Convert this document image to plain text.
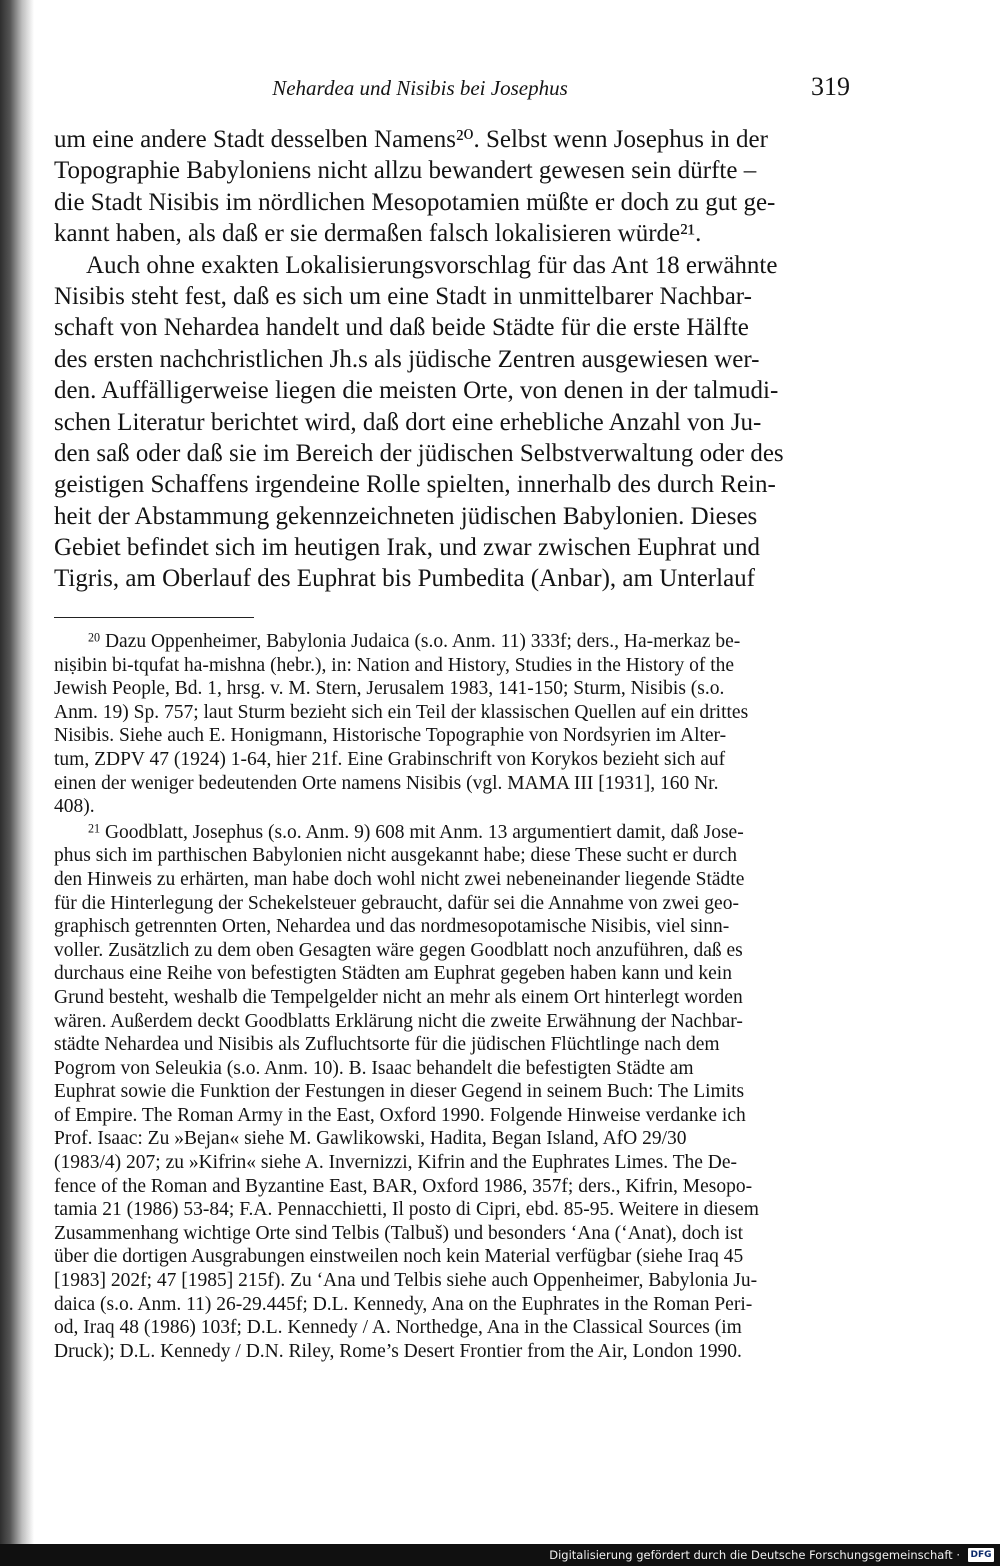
Nehardea und Nisibis bei Josephus	319
um eine andere Stadt desselben Namens²⁰. Selbst wenn Josephus in der
Topographie Babyloniens nicht allzu bewandert gewesen sein dürfte –
die Stadt Nisibis im nördlichen Mesopotamien müßte er doch zu gut ge-
kannt haben, als daß er sie dermaßen falsch lokalisieren würde²¹.
Auch ohne exakten Lokalisierungsvorschlag für das Ant 18 erwähnte
Nisibis steht fest, daß es sich um eine Stadt in unmittelbarer Nachbar-
schaft von Nehardea handelt und daß beide Städte für die erste Hälfte
des ersten nachchristlichen Jh.s als jüdische Zentren ausgewiesen wer-
den. Auffälligerweise liegen die meisten Orte, von denen in der talmudi-
schen Literatur berichtet wird, daß dort eine erhebliche Anzahl von Ju-
den saß oder daß sie im Bereich der jüdischen Selbstverwaltung oder des
geistigen Schaffens irgendeine Rolle spielten, innerhalb des durch Rein-
heit der Abstammung gekennzeichneten jüdischen Babylonien. Dieses
Gebiet befindet sich im heutigen Irak, und zwar zwischen Euphrat und
Tigris, am Oberlauf des Euphrat bis Pumbedita (Anbar), am Unterlauf
$^{20}$ Dazu Oppenheimer, Babylonia Judaica (s.o. Anm. 11) 333f; ders., Ha-merkaz be-
niṣibin bi-tqufat ha-mishna (hebr.), in: Nation and History, Studies in the History of the
Jewish People, Bd. 1, hrsg. v. M. Stern, Jerusalem 1983, 141-150; Sturm, Nisibis (s.o.
Anm. 19) Sp. 757; laut Sturm bezieht sich ein Teil der klassischen Quellen auf ein drittes
Nisibis. Siehe auch E. Honigmann, Historische Topographie von Nordsyrien im Alter-
tum, ZDPV 47 (1924) 1-64, hier 21f. Eine Grabinschrift von Korykos bezieht sich auf
einen der weniger bedeutenden Orte namens Nisibis (vgl. MAMA III [1931], 160 Nr.
408).
$^{21}$ Goodblatt, Josephus (s.o. Anm. 9) 608 mit Anm. 13 argumentiert damit, daß Jose-
phus sich im parthischen Babylonien nicht ausgekannt habe; diese These sucht er durch
den Hinweis zu erhärten, man habe doch wohl nicht zwei nebeneinander liegende Städte
für die Hinterlegung der Schekelsteuer gebraucht, dafür sei die Annahme von zwei geo-
graphisch getrennten Orten, Nehardea und das nordmesopotamische Nisibis, viel sinn-
voller. Zusätzlich zu dem oben Gesagten wäre gegen Goodblatt noch anzuführen, daß es
durchaus eine Reihe von befestigten Städten am Euphrat gegeben haben kann und kein
Grund besteht, weshalb die Tempelgelder nicht an mehr als einem Ort hinterlegt worden
wären. Außerdem deckt Goodblatts Erklärung nicht die zweite Erwähnung der Nachbar-
städte Nehardea und Nisibis als Zufluchtsorte für die jüdischen Flüchtlinge nach dem
Pogrom von Seleukia (s.o. Anm. 10). B. Isaac behandelt die befestigten Städte am
Euphrat sowie die Funktion der Festungen in dieser Gegend in seinem Buch: The Limits
of Empire. The Roman Army in the East, Oxford 1990. Folgende Hinweise verdanke ich
Prof. Isaac: Zu »Bejan« siehe M. Gawlikowski, Hadita, Began Island, AfO 29/30
(1983/4) 207; zu »Kifrin« siehe A. Invernizzi, Kifrin and the Euphrates Limes. The De-
fence of the Roman and Byzantine East, BAR, Oxford 1986, 357f; ders., Kifrin, Mesopo-
tamia 21 (1986) 53-84; F.A. Pennacchietti, Il posto di Cipri, ebd. 85-95. Weitere in diesem
Zusammenhang wichtige Orte sind Telbis (Talbuš) und besonders ‘Ana (‘Anat), doch ist
über die dortigen Ausgrabungen einstweilen noch kein Material verfügbar (siehe Iraq 45
[1983] 202f; 47 [1985] 215f). Zu ‘Ana und Telbis siehe auch Oppenheimer, Babylonia Ju-
daica (s.o. Anm. 11) 26-29.445f; D.L. Kennedy, Ana on the Euphrates in the Roman Peri-
od, Iraq 48 (1986) 103f; D.L. Kennedy / A. Northedge, Ana in the Classical Sources (im
Druck); D.L. Kennedy / D.N. Riley, Rome’s Desert Frontier from the Air, London 1990.
Digitalisierung gefördert durch die Deutsche Forschungsgemeinschaft · DFG
